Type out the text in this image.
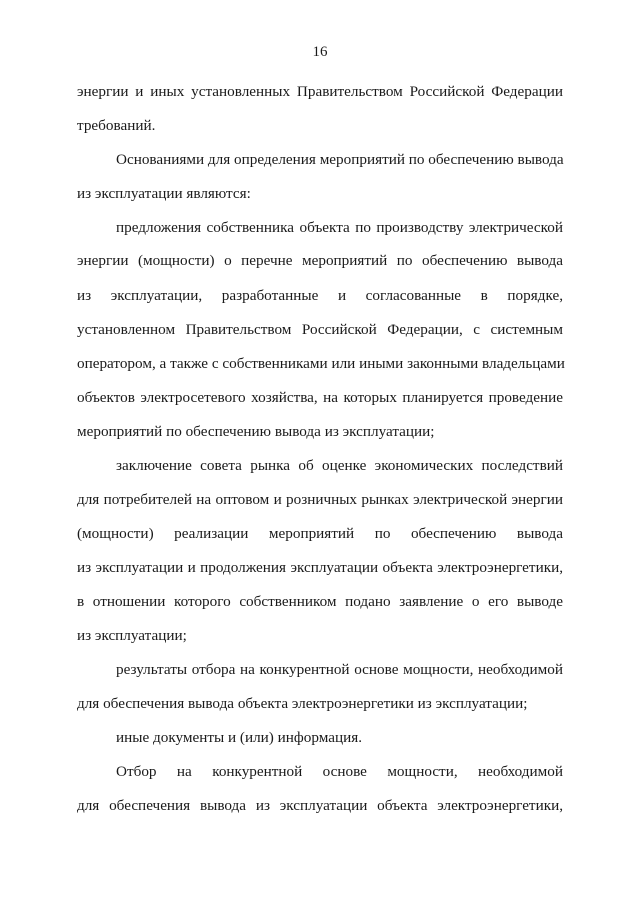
16
энергии и иных установленных Правительством Российской Федерации
требований.
Основаниями для определения мероприятий по обеспечению вывода
из эксплуатации являются:
предложения собственника объекта по производству электрической
энергии (мощности) о перечне мероприятий по обеспечению вывода
из эксплуатации, разработанные и согласованные в порядке,
установленном Правительством Российской Федерации, с системным
оператором, а также с собственниками или иными законными владельцами
объектов электросетевого хозяйства, на которых планируется проведение
мероприятий по обеспечению вывода из эксплуатации;
заключение совета рынка об оценке экономических последствий
для потребителей на оптовом и розничных рынках электрической энергии
(мощности) реализации мероприятий по обеспечению вывода
из эксплуатации и продолжения эксплуатации объекта электроэнергетики,
в отношении которого собственником подано заявление о его выводе
из эксплуатации;
результаты отбора на конкурентной основе мощности, необходимой
для обеспечения вывода объекта электроэнергетики из эксплуатации;
иные документы и (или) информация.
Отбор на конкурентной основе мощности, необходимой
для обеспечения вывода из эксплуатации объекта электроэнергетики,
